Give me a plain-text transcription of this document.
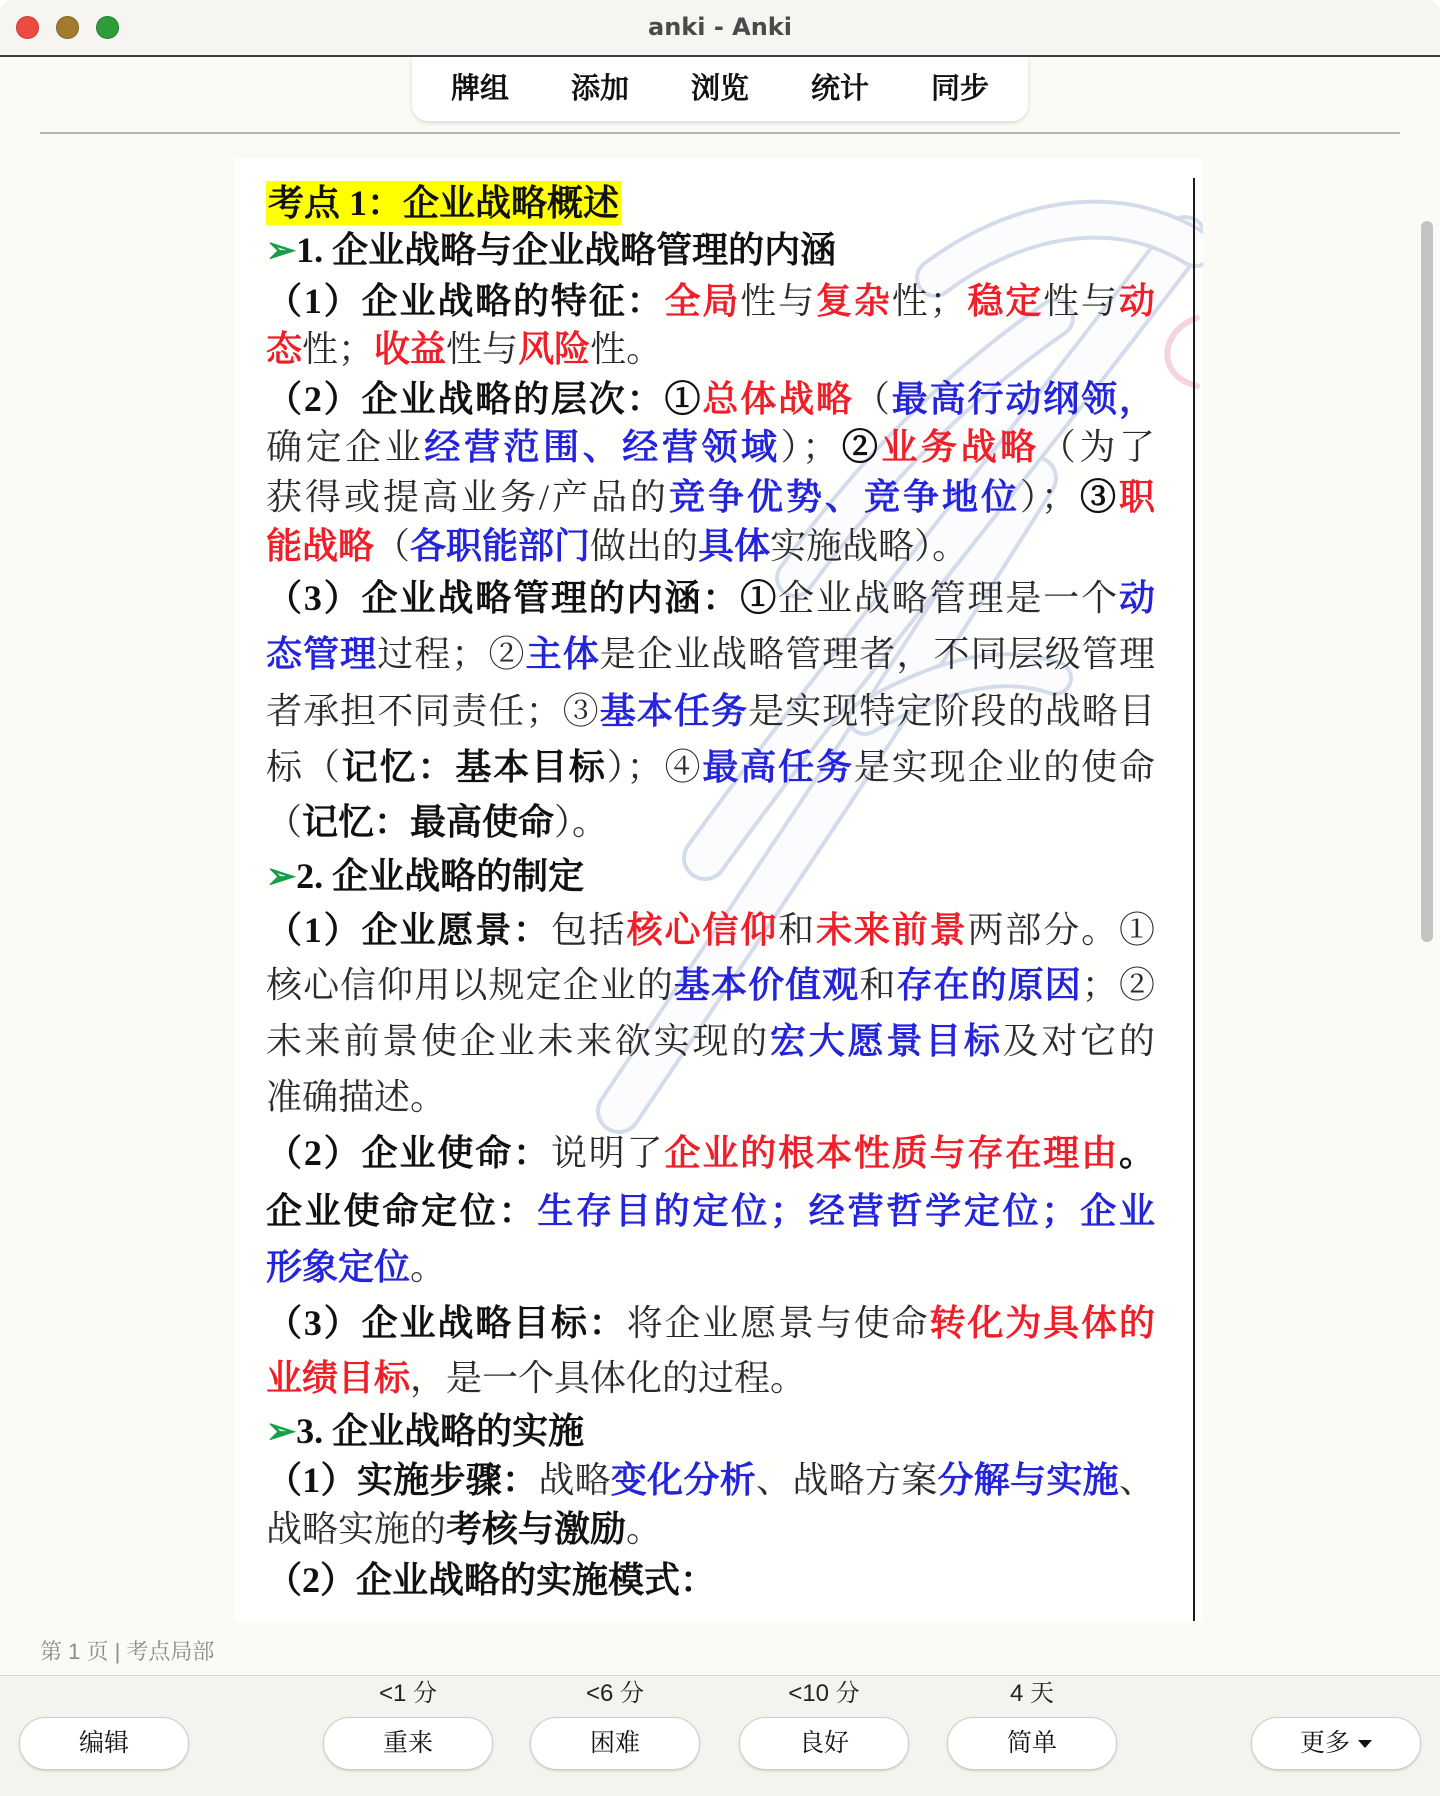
anki - Anki
牌组	添加	浏览	统计	同步
考点 1：企业战略概述
➢1. 企业战略与企业战略管理的内涵
（1）企业战略的特征：全局性与复杂性；稳定性与动
态性；收益性与风险性。
（2）企业战略的层次：①总体战略（最高行动纲领，
确定企业经营范围、经营领域）；②业务战略（为了
获得或提高业务/产品的竞争优势、竞争地位）；③职
能战略（各职能部门做出的具体实施战略）。
（3）企业战略管理的内涵：①企业战略管理是一个动
态管理过程；②主体是企业战略管理者，不同层级管理
者承担不同责任；③基本任务是实现特定阶段的战略目
标（记忆：基本目标）；④最高任务是实现企业的使命
（记忆：最高使命）。
➢2. 企业战略的制定
（1）企业愿景：包括核心信仰和未来前景两部分。①
核心信仰用以规定企业的基本价值观和存在的原因；②
未来前景使企业未来欲实现的宏大愿景目标及对它的
准确描述。
（2）企业使命：说明了企业的根本性质与存在理由。
企业使命定位：生存目的定位；经营哲学定位；企业
形象定位。
（3）企业战略目标：将企业愿景与使命转化为具体的
业绩目标，是一个具体化的过程。
➢3. 企业战略的实施
（1）实施步骤：战略变化分析、战略方案分解与实施、
战略实施的考核与激励。
（2）企业战略的实施模式：
第 1 页 | 考点局部
<1 分	<6 分	<10 分	4 天
编辑	重来	困难	良好	简单	更多
